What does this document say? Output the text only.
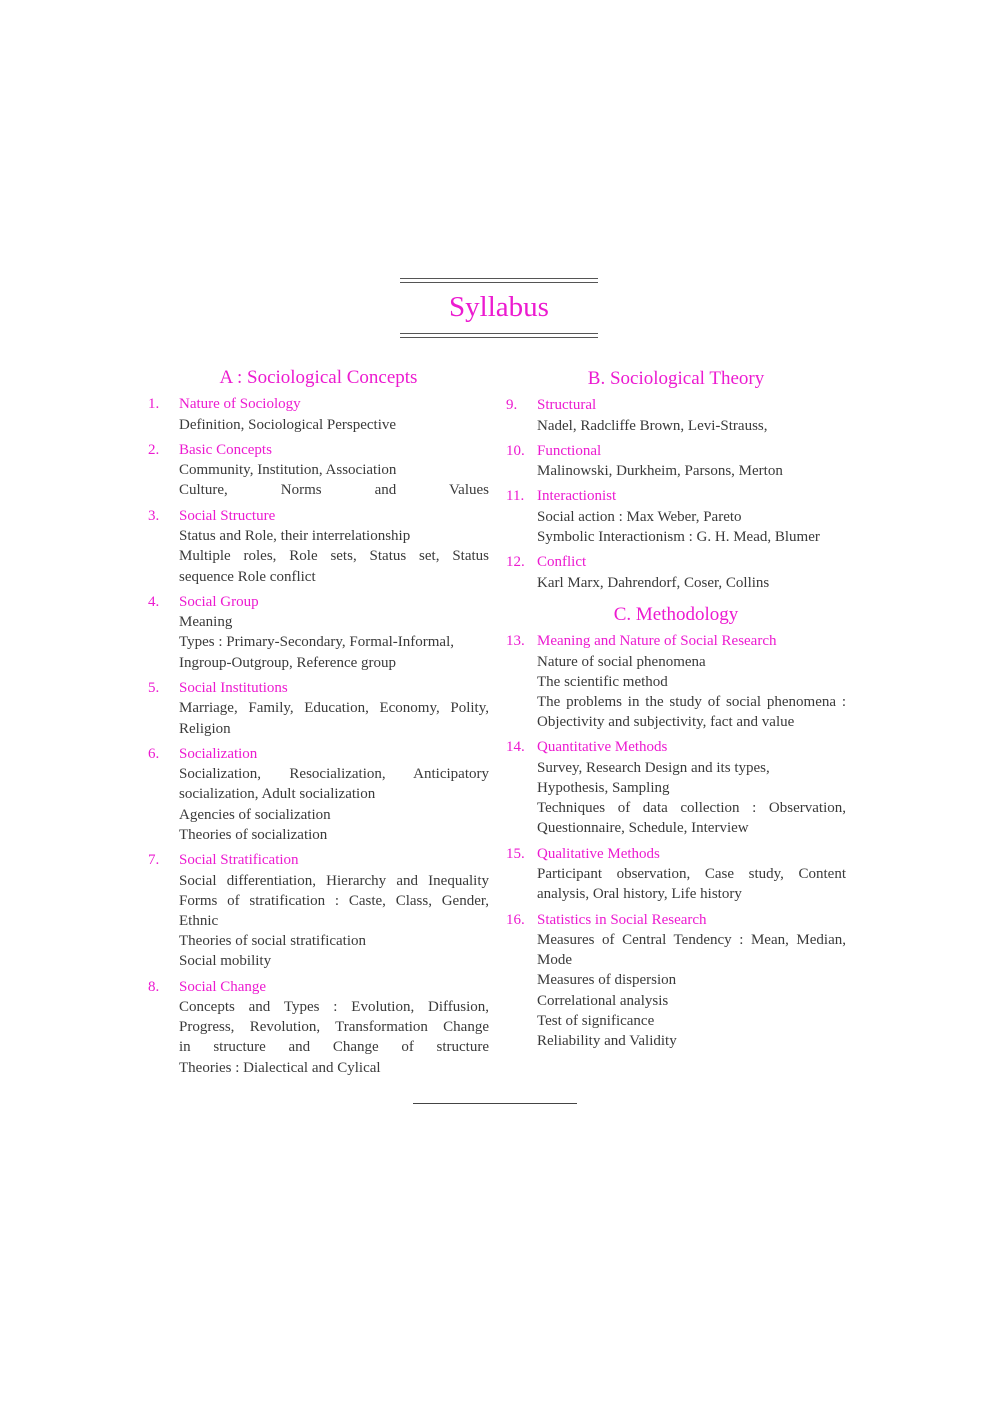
Syllabus
A : Sociological Concepts
1. Nature of Sociology
Definition, Sociological Perspective
2. Basic Concepts
Community, Institution, Association
Culture, Norms and Values
3. Social Structure
Status and Role, their interrelationship
Multiple roles, Role sets, Status set, Status
sequence Role conflict
4. Social Group
Meaning
Types : Primary-Secondary, Formal-Informal,
Ingroup-Outgroup, Reference group
5. Social Institutions
Marriage, Family, Education, Economy, Polity,
Religion
6. Socialization
Socialization, Resocialization, Anticipatory
socialization, Adult socialization
Agencies of socialization
Theories of socialization
7. Social Stratification
Social differentiation, Hierarchy and Inequality
Forms of stratification : Caste, Class, Gender,
Ethnic
Theories of social stratification
Social mobility
8. Social Change
Concepts and Types : Evolution, Diffusion,
Progress, Revolution, Transformation Change
in structure and Change of structure
Theories : Dialectical and Cylical
B. Sociological Theory
9. Structural
Nadel, Radcliffe Brown, Levi-Strauss,
10. Functional
Malinowski, Durkheim, Parsons, Merton
11. Interactionist
Social action : Max Weber, Pareto
Symbolic Interactionism : G. H. Mead, Blumer
12. Conflict
Karl Marx, Dahrendorf, Coser, Collins
C. Methodology
13. Meaning and Nature of Social Research
Nature of social phenomena
The scientific method
The problems in the study of social phenomena :
Objectivity and subjectivity, fact and value
14. Quantitative Methods
Survey, Research Design and its types,
Hypothesis, Sampling
Techniques of data collection : Observation,
Questionnaire, Schedule, Interview
15. Qualitative Methods
Participant observation, Case study, Content
analysis, Oral history, Life history
16. Statistics in Social Research
Measures of Central Tendency : Mean, Median,
Mode
Measures of dispersion
Correlational analysis
Test of significance
Reliability and Validity
